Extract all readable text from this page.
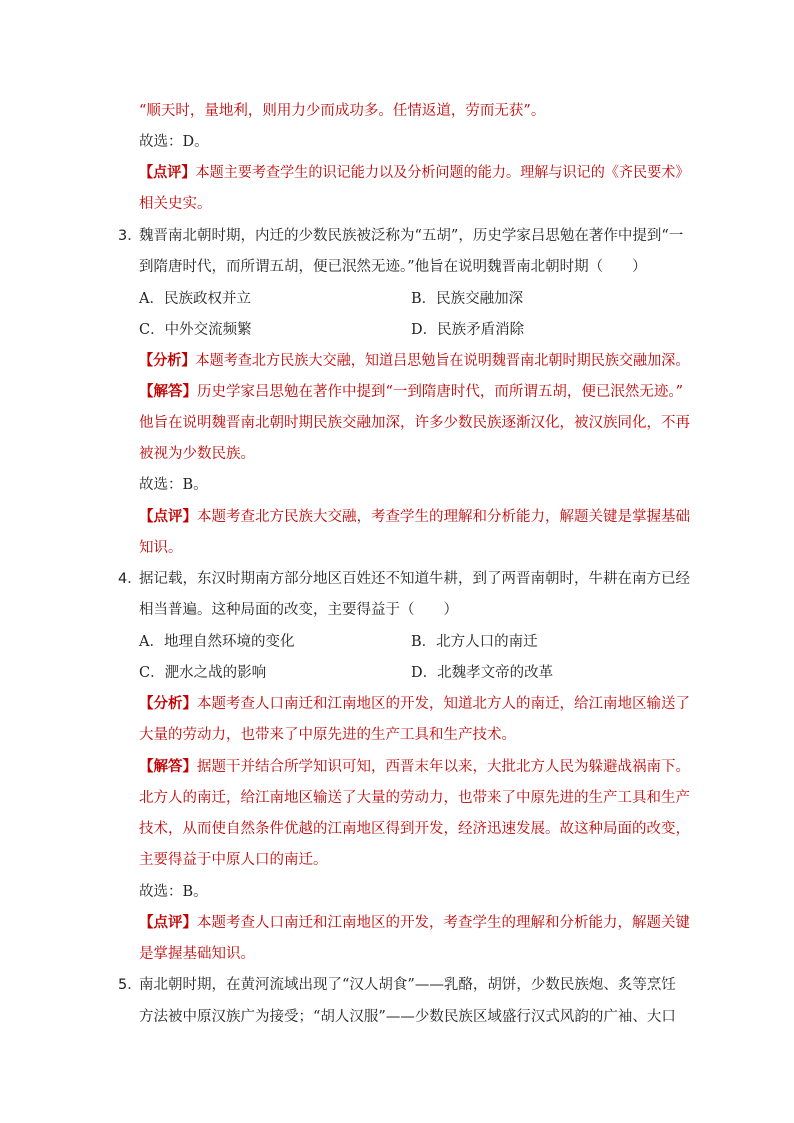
“顺天时，量地利，则用力少而成功多。任情返道，劳而无获”。
故选：D。
【点评】本题主要考查学生的识记能力以及分析问题的能力。理解与识记的《齐民要术》
相关史实。
3．
魏晋南北朝时期，内迁的少数民族被泛称为“五胡”，历史学家吕思勉在著作中提到“一
到隋唐时代，而所谓五胡，便已泯然无迹。”他旨在说明魏晋南北朝时期（　　）
A．民族政权并立	B．民族交融加深
C．中外交流频繁	D．民族矛盾消除
【分析】本题考查北方民族大交融，知道吕思勉旨在说明魏晋南北朝时期民族交融加深。
【解答】历史学家吕思勉在著作中提到“一到隋唐时代，而所谓五胡，便已泯然无迹。”
他旨在说明魏晋南北朝时期民族交融加深，许多少数民族逐渐汉化，被汉族同化，不再
被视为少数民族。
故选：B。
【点评】本题考查北方民族大交融，考查学生的理解和分析能力，解题关键是掌握基础
知识。
4．
据记载，东汉时期南方部分地区百姓还不知道牛耕，到了两晋南朝时，牛耕在南方已经
相当普遍。这种局面的改变，主要得益于（　　）
A．地理自然环境的变化	B．北方人口的南迁
C．淝水之战的影响	D．北魏孝文帝的改革
【分析】本题考查人口南迁和江南地区的开发，知道北方人的南迁，给江南地区输送了
大量的劳动力，也带来了中原先进的生产工具和生产技术。
【解答】据题干并结合所学知识可知，西晋末年以来，大批北方人民为躲避战祸南下。
北方人的南迁，给江南地区输送了大量的劳动力，也带来了中原先进的生产工具和生产
技术，从而使自然条件优越的江南地区得到开发，经济迅速发展。故这种局面的改变，
主要得益于中原人口的南迁。
故选：B。
【点评】本题考查人口南迁和江南地区的开发，考查学生的理解和分析能力，解题关键
是掌握基础知识。
5．
南北朝时期，在黄河流域出现了“汉人胡食”——乳酪，胡饼，少数民族炮、炙等烹饪
方法被中原汉族广为接受；“胡人汉服”——少数民族区域盛行汉式风韵的广袖、大口
